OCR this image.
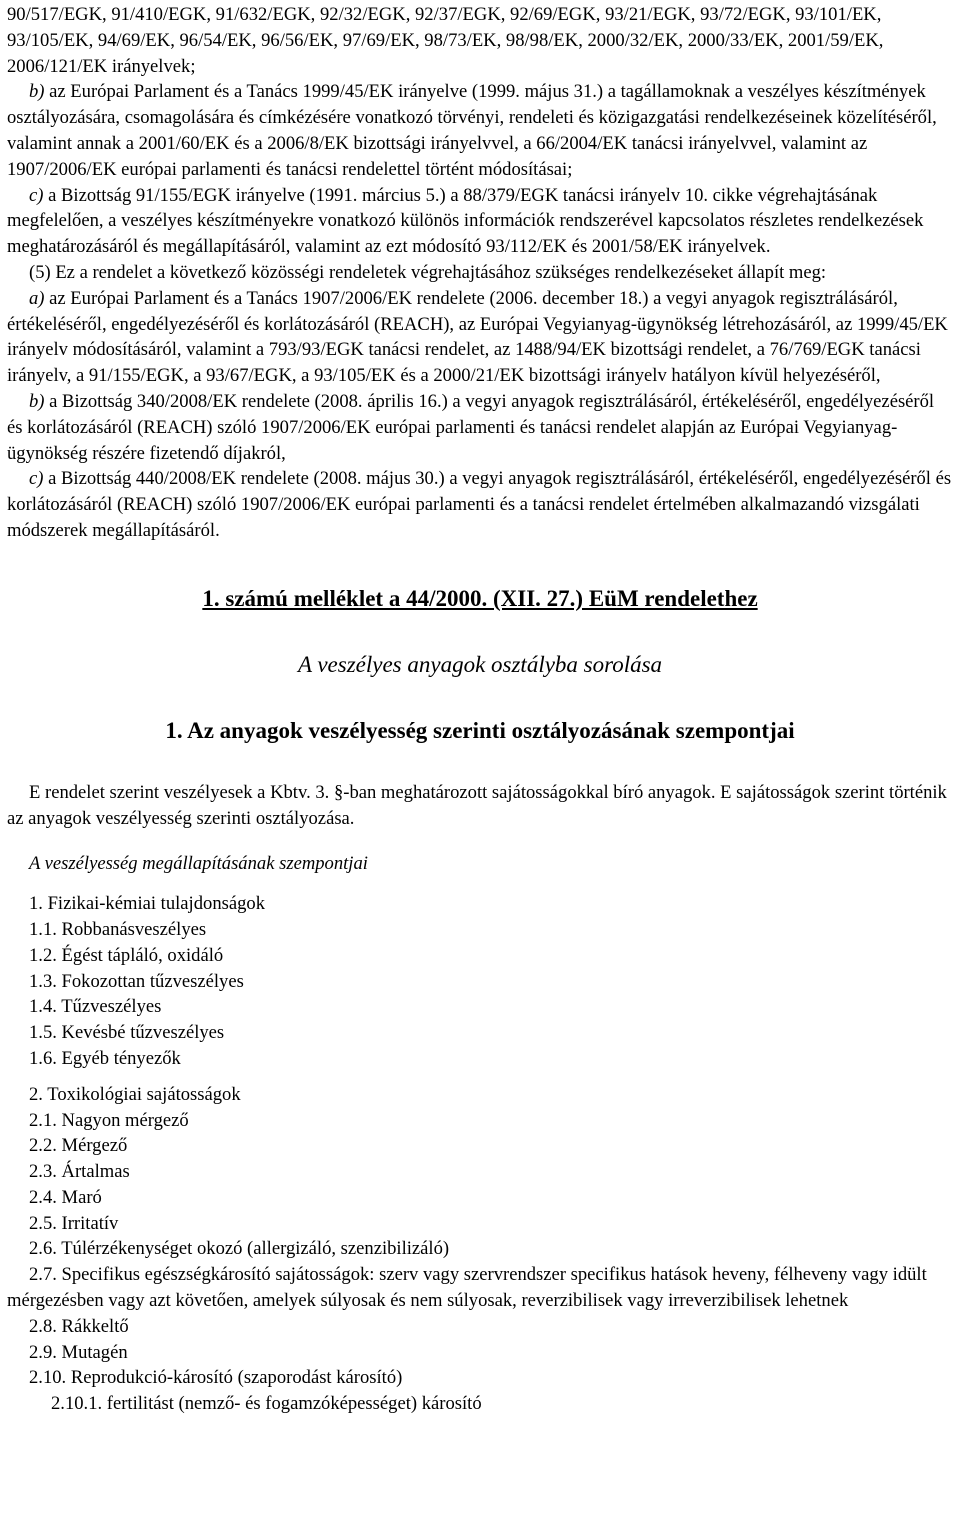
90/517/EGK, 91/410/EGK, 91/632/EGK, 92/32/EGK, 92/37/EGK, 92/69/EGK, 93/21/EGK, 93/72/EGK, 93/101/EK, 93/105/EK, 94/69/EK, 96/54/EK, 96/56/EK, 97/69/EK, 98/73/EK, 98/98/EK, 2000/32/EK, 2000/33/EK, 2001/59/EK, 2006/121/EK irányelvek;

b) az Európai Parlament és a Tanács 1999/45/EK irányelve (1999. május 31.) a tagállamoknak a veszélyes készítmények osztályozására, csomagolására és címkézésére vonatkozó törvényi, rendeleti és közigazgatási rendelkezéseinek közelítéséről, valamint annak a 2001/60/EK és a 2006/8/EK bizottsági irányelvvel, a 66/2004/EK tanácsi irányelvvel, valamint az 1907/2006/EK európai parlamenti és tanácsi rendelettel történt módosításai;

c) a Bizottság 91/155/EGK irányelve (1991. március 5.) a 88/379/EGK tanácsi irányelv 10. cikke végrehajtásának megfelelően, a veszélyes készítményekre vonatkozó különös információk rendszerével kapcsolatos részletes rendelkezések meghatározásáról és megállapításáról, valamint az ezt módosító 93/112/EK és 2001/58/EK irányelvek.

(5) Ez a rendelet a következő közösségi rendeletek végrehajtásához szükséges rendelkezéseket állapít meg:

a) az Európai Parlament és a Tanács 1907/2006/EK rendelete (2006. december 18.) a vegyi anyagok regisztrálásáról, értékeléséről, engedélyezéséről és korlátozásáról (REACH), az Európai Vegyianyag-ügynökség létrehozásáról, az 1999/45/EK irányelv módosításáról, valamint a 793/93/EGK tanácsi rendelet, az 1488/94/EK bizottsági rendelet, a 76/769/EGK tanácsi irányelv, a 91/155/EGK, a 93/67/EGK, a 93/105/EK és a 2000/21/EK bizottsági irányelv hatályon kívül helyezéséről,

b) a Bizottság 340/2008/EK rendelete (2008. április 16.) a vegyi anyagok regisztrálásáról, értékeléséről, engedélyezéséről és korlátozásáról (REACH) szóló 1907/2006/EK európai parlamenti és tanácsi rendelet alapján az Európai Vegyianyag-ügynökség részére fizetendő díjakról,

c) a Bizottság 440/2008/EK rendelete (2008. május 30.) a vegyi anyagok regisztrálásáról, értékeléséről, engedélyezéséről és korlátozásáról (REACH) szóló 1907/2006/EK európai parlamenti és a tanácsi rendelet értelmében alkalmazandó vizsgálati módszerek megállapításáról.

1. számú melléklet a 44/2000. (XII. 27.) EüM rendelethez
A veszélyes anyagok osztályba sorolása
1. Az anyagok veszélyesség szerinti osztályozásának szempontjai

E rendelet szerint veszélyesek a Kbtv. 3. §-ban meghatározott sajátosságokkal bíró anyagok. E sajátosságok szerint történik az anyagok veszélyesség szerinti osztályozása.

A veszélyesség megállapításának szempontjai

1. Fizikai-kémiai tulajdonságok

1.1. Robbanásveszélyes

1.2. Égést tápláló, oxidáló

1.3. Fokozottan tűzveszélyes

1.4. Tűzveszélyes

1.5. Kevésbé tűzveszélyes

1.6. Egyéb tényezők

2. Toxikológiai sajátosságok

2.1. Nagyon mérgező

2.2. Mérgező

2.3. Ártalmas

2.4. Maró

2.5. Irritatív

2.6. Túlérzékenységet okozó (allergizáló, szenzibilizáló)

2.7. Specifikus egészségkárosító sajátosságok: szerv vagy szervrendszer specifikus hatások heveny, félheveny vagy idült mérgezésben vagy azt követően, amelyek súlyosak és nem súlyosak, reverzibilisek vagy irreverzibilisek lehetnek

2.8. Rákkeltő

2.9. Mutagén

2.10. Reprodukció-károsító (szaporodást károsító)

2.10.1. fertilitást (nemző- és fogamzóképességet) károsító
